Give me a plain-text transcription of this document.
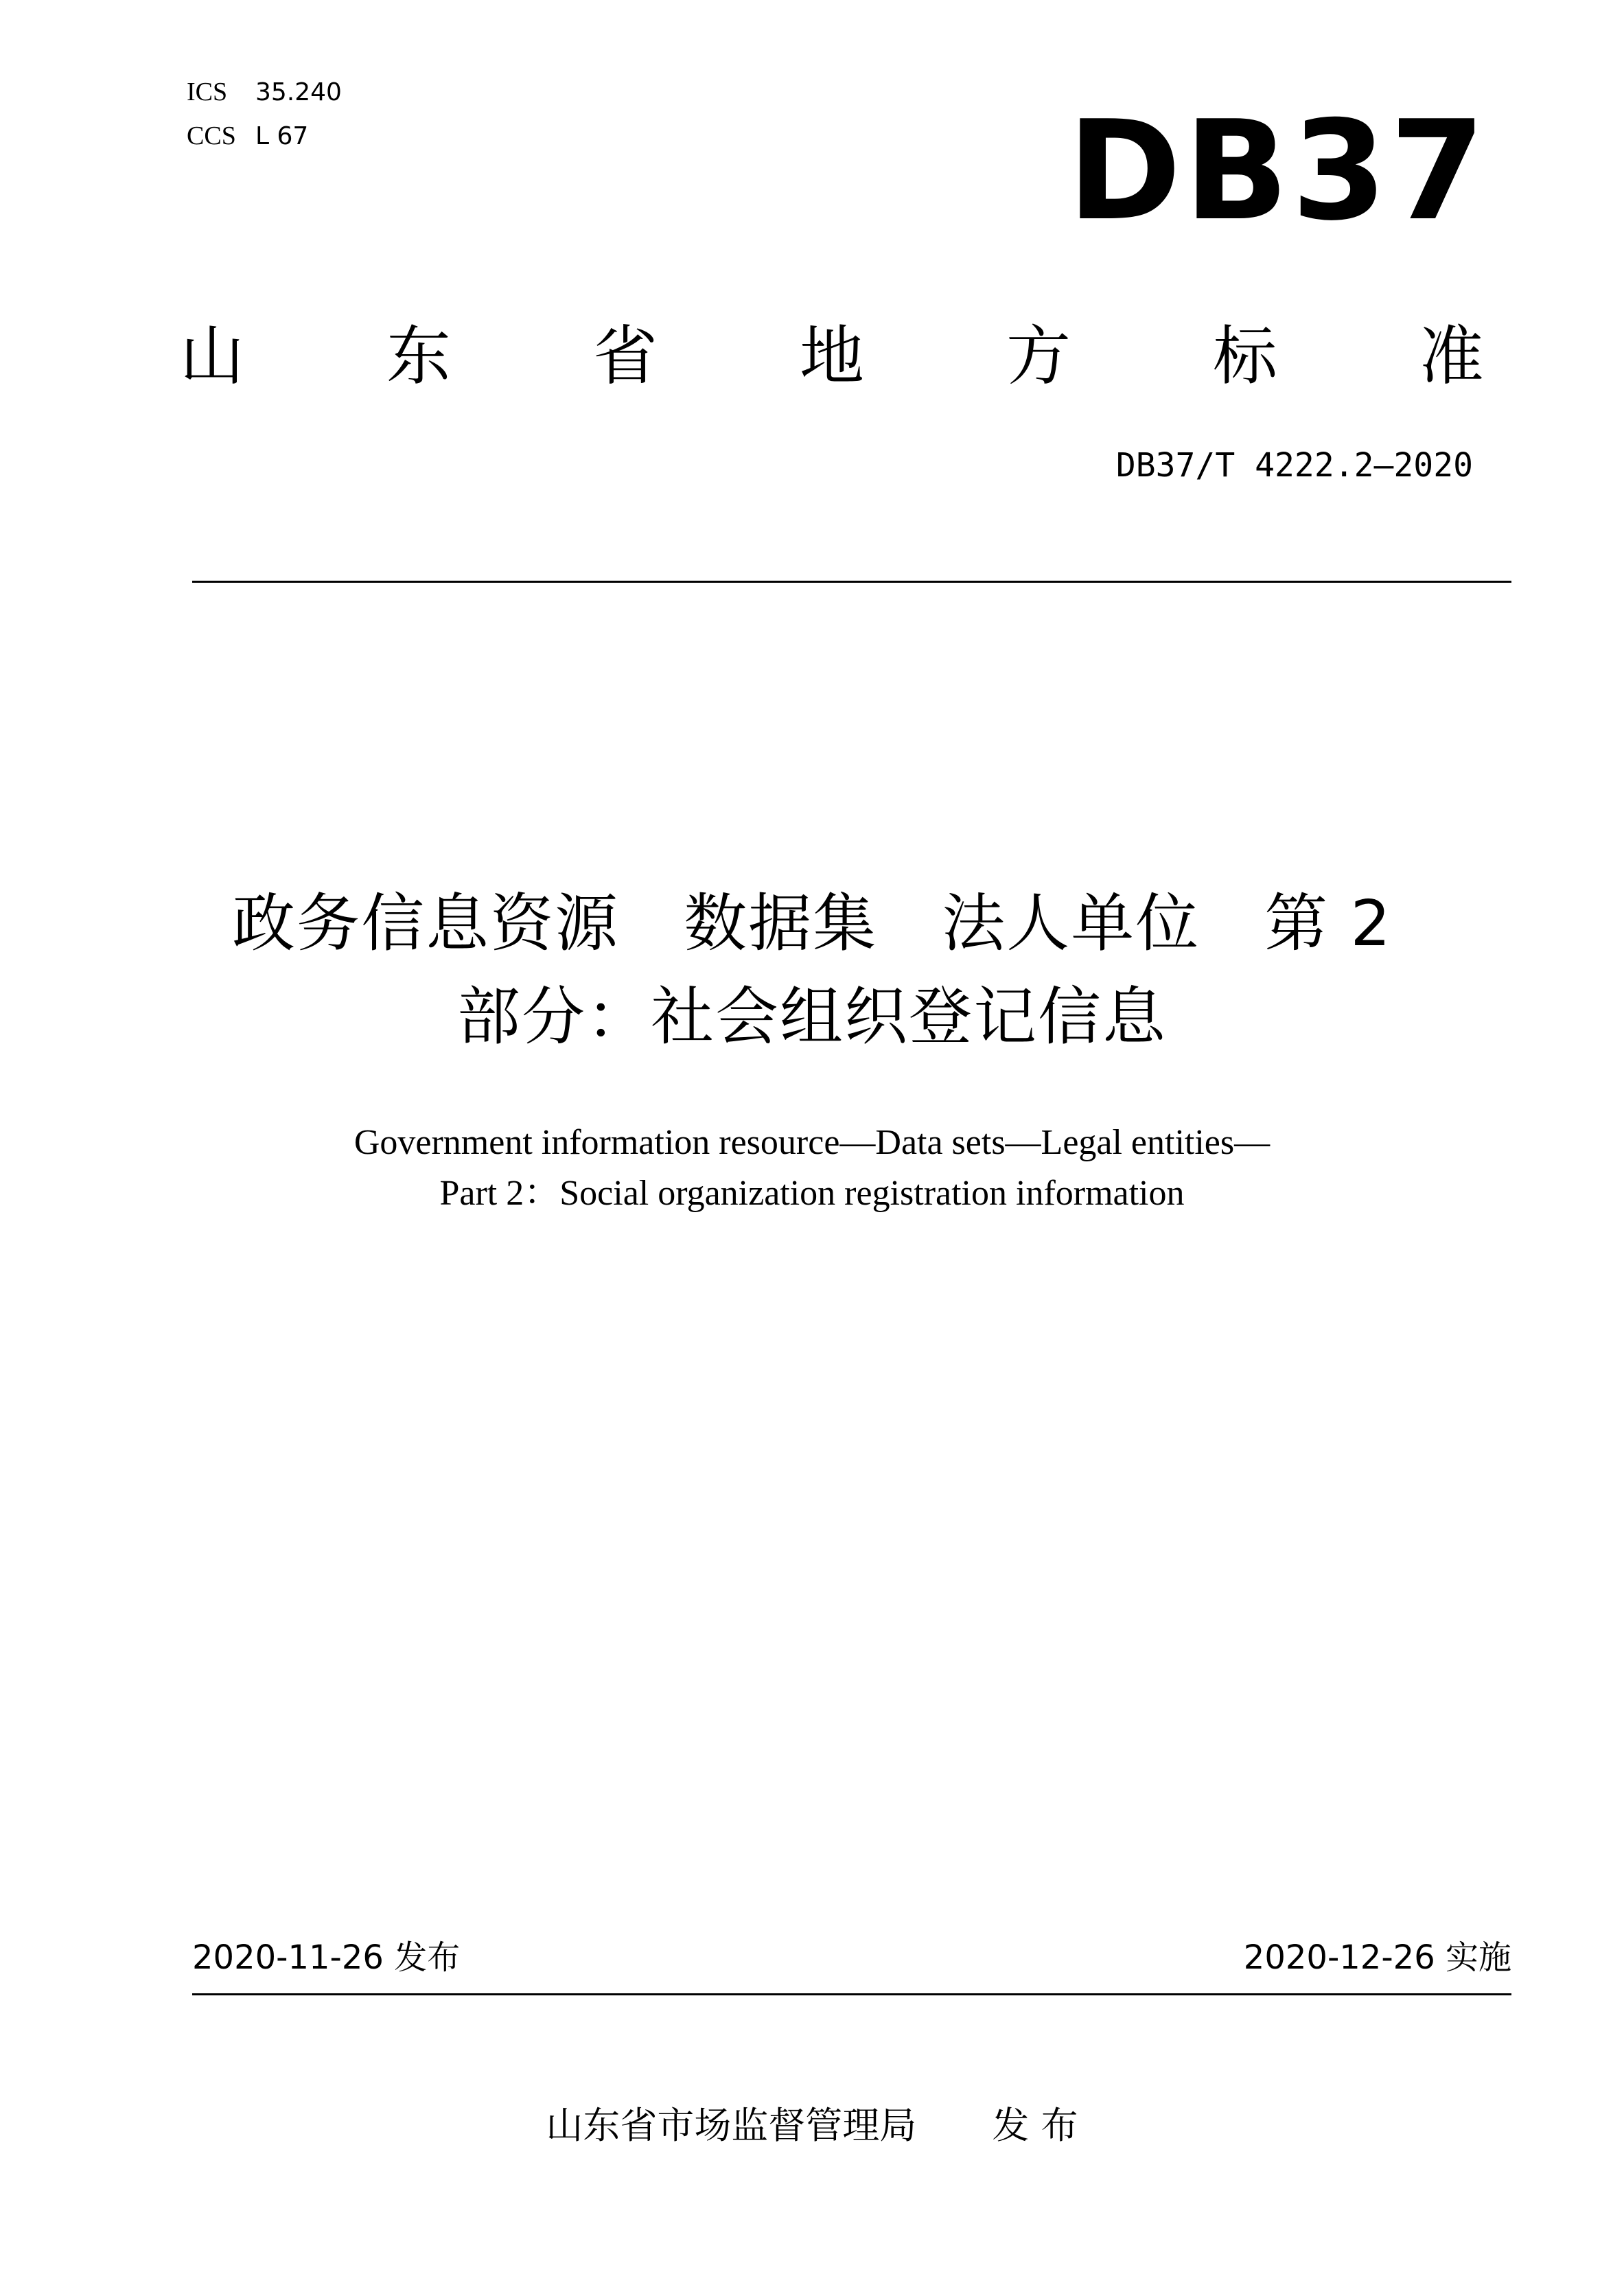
ICS 35.240
CCS L 67	DB37
山 东 省 地 方 标 准
DB37/T 4222.2—2020
政务信息资源　数据集　法人单位　第 2
部分：社会组织登记信息
Government information resource—Data sets—Legal entities—
Part 2：Social organization registration information
2020-11-26 发布	2020-12-26 实施
山东省市场监督管理局 发 布
